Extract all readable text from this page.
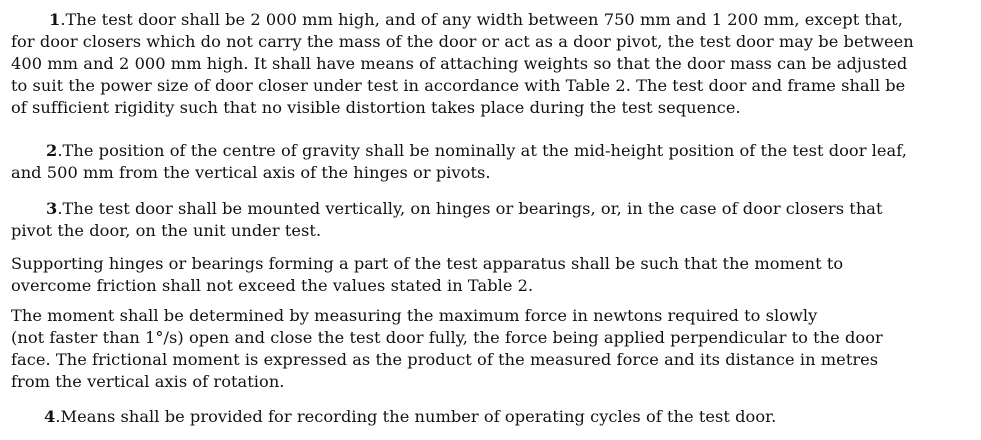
1.The test door shall be 2 000 mm high, and of any width between 750 mm and 1 200 mm, except that,
for door closers which do not carry the mass of the door or act as a door pivot, the test door may be between
400 mm and 2 000 mm high. It shall have means of attaching weights so that the door mass can be adjusted
to suit the power size of door closer under test in accordance with Table 2. The test door and frame shall be
of sufficient rigidity such that no visible distortion takes place during the test sequence.
2.The position of the centre of gravity shall be nominally at the mid-height position of the test door leaf,
and 500 mm from the vertical axis of the hinges or pivots.
3.The test door shall be mounted vertically, on hinges or bearings, or, in the case of door closers that
pivot the door, on the unit under test.
Supporting hinges or bearings forming a part of the test apparatus shall be such that the moment to
overcome friction shall not exceed the values stated in Table 2.
The moment shall be determined by measuring the maximum force in newtons required to slowly
(not faster than 1°/s) open and close the test door fully, the force being applied perpendicular to the door
face. The frictional moment is expressed as the product of the measured force and its distance in metres
from the vertical axis of rotation.
4.Means shall be provided for recording the number of operating cycles of the test door.
